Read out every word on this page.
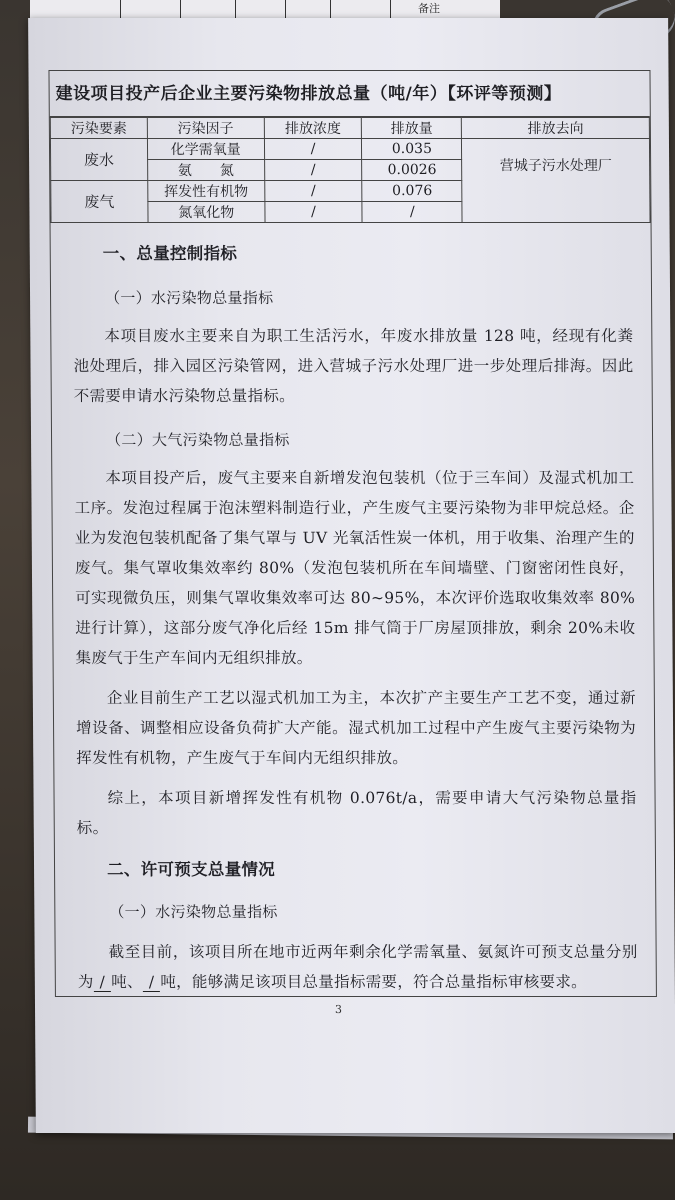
备注
建设项目投产后企业主要污染物排放总量（吨/年）【环评等预测】
污染要素	污染因子	排放浓度	排放量	排放去向
废水	化学需氧量	/	0.035	营城子污水处理厂
	氨　　氮	/	0.0026	
废气	挥发性有机物	/	0.076	
	氮氧化物	/	/	
一、总量控制指标
（一）水污染物总量指标
本项目废水主要来自为职工生活污水，年废水排放量 128 吨，经现有化粪池处理后，排入园区污染管网，进入营城子污水处理厂进一步处理后排海。因此不需要申请水污染物总量指标。
（二）大气污染物总量指标
本项目投产后，废气主要来自新增发泡包装机（位于三车间）及湿式机加工工序。发泡过程属于泡沫塑料制造行业，产生废气主要污染物为非甲烷总烃。企业为发泡包装机配备了集气罩与 UV 光氧活性炭一体机，用于收集、治理产生的废气。集气罩收集效率约 80%（发泡包装机所在车间墙壁、门窗密闭性良好，可实现微负压，则集气罩收集效率可达 80~95%，本次评价选取收集效率 80%进行计算），这部分废气净化后经 15m 排气筒于厂房屋顶排放，剩余 20%未收集废气于生产车间内无组织排放。
企业目前生产工艺以湿式机加工为主，本次扩产主要生产工艺不变，通过新增设备、调整相应设备负荷扩大产能。湿式机加工过程中产生废气主要污染物为挥发性有机物，产生废气于车间内无组织排放。
综上，本项目新增挥发性有机物 0.076t/a，需要申请大气污染物总量指标。
二、许可预支总量情况
（一）水污染物总量指标
截至目前，该项目所在地市近两年剩余化学需氧量、氨氮许可预支总量分别为 / 吨、 / 吨，能够满足该项目总量指标需要，符合总量指标审核要求。
3
